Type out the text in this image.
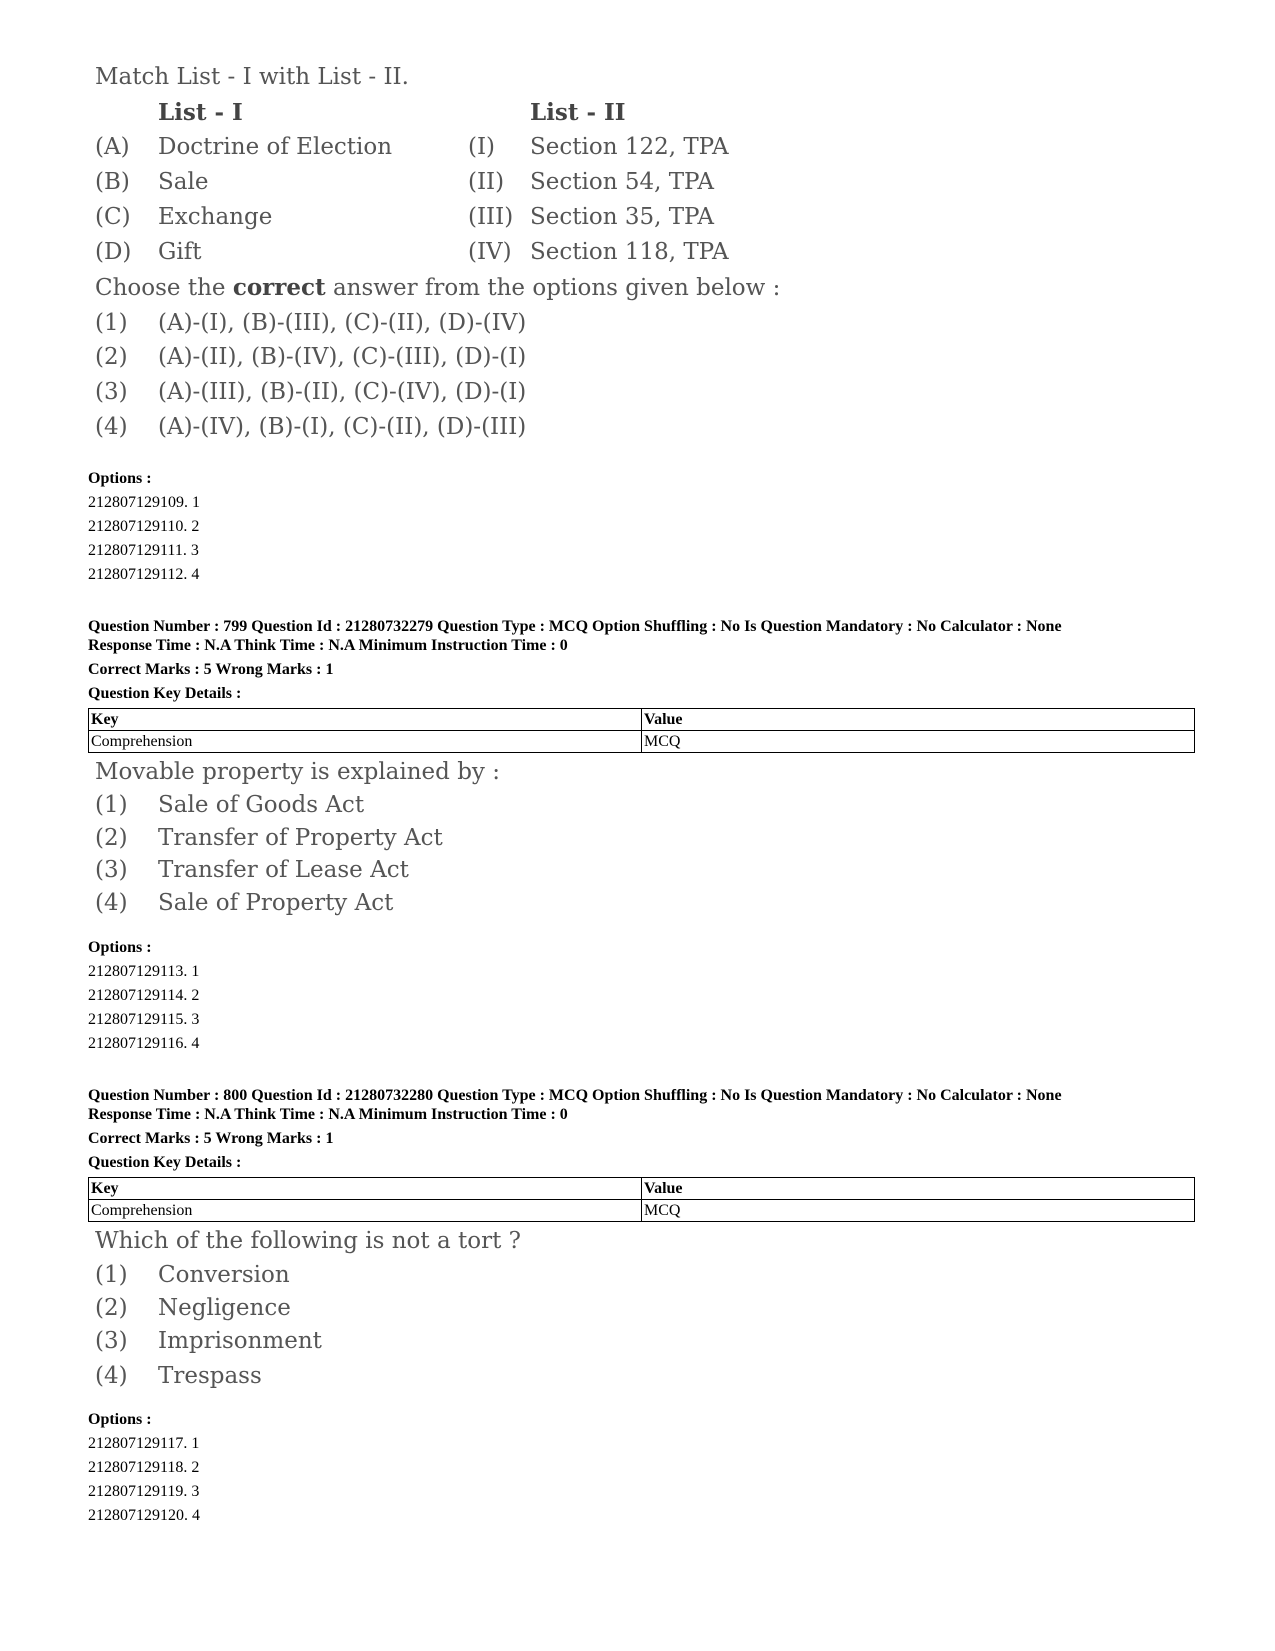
Match List - I with List - II.
List - I	List - II
(A) Doctrine of Election	(I) Section 122, TPA
(B) Sale	(II) Section 54, TPA
(C) Exchange	(III) Section 35, TPA
(D) Gift	(IV) Section 118, TPA
Choose the correct answer from the options given below :
(1) (A)-(I), (B)-(III), (C)-(II), (D)-(IV)
(2) (A)-(II), (B)-(IV), (C)-(III), (D)-(I)
(3) (A)-(III), (B)-(II), (C)-(IV), (D)-(I)
(4) (A)-(IV), (B)-(I), (C)-(II), (D)-(III)
Options :
212807129109. 1
212807129110. 2
212807129111. 3
212807129112. 4
Question Number : 799 Question Id : 21280732279 Question Type : MCQ Option Shuffling : No Is Question Mandatory : No Calculator : None
Response Time : N.A Think Time : N.A Minimum Instruction Time : 0
Correct Marks : 5 Wrong Marks : 1
Question Key Details :
Key	Value
Comprehension	MCQ
Movable property is explained by :
(1) Sale of Goods Act
(2) Transfer of Property Act
(3) Transfer of Lease Act
(4) Sale of Property Act
Options :
212807129113. 1
212807129114. 2
212807129115. 3
212807129116. 4
Question Number : 800 Question Id : 21280732280 Question Type : MCQ Option Shuffling : No Is Question Mandatory : No Calculator : None
Response Time : N.A Think Time : N.A Minimum Instruction Time : 0
Correct Marks : 5 Wrong Marks : 1
Question Key Details :
Key	Value
Comprehension	MCQ
Which of the following is not a tort ?
(1) Conversion
(2) Negligence
(3) Imprisonment
(4) Trespass
Options :
212807129117. 1
212807129118. 2
212807129119. 3
212807129120. 4
